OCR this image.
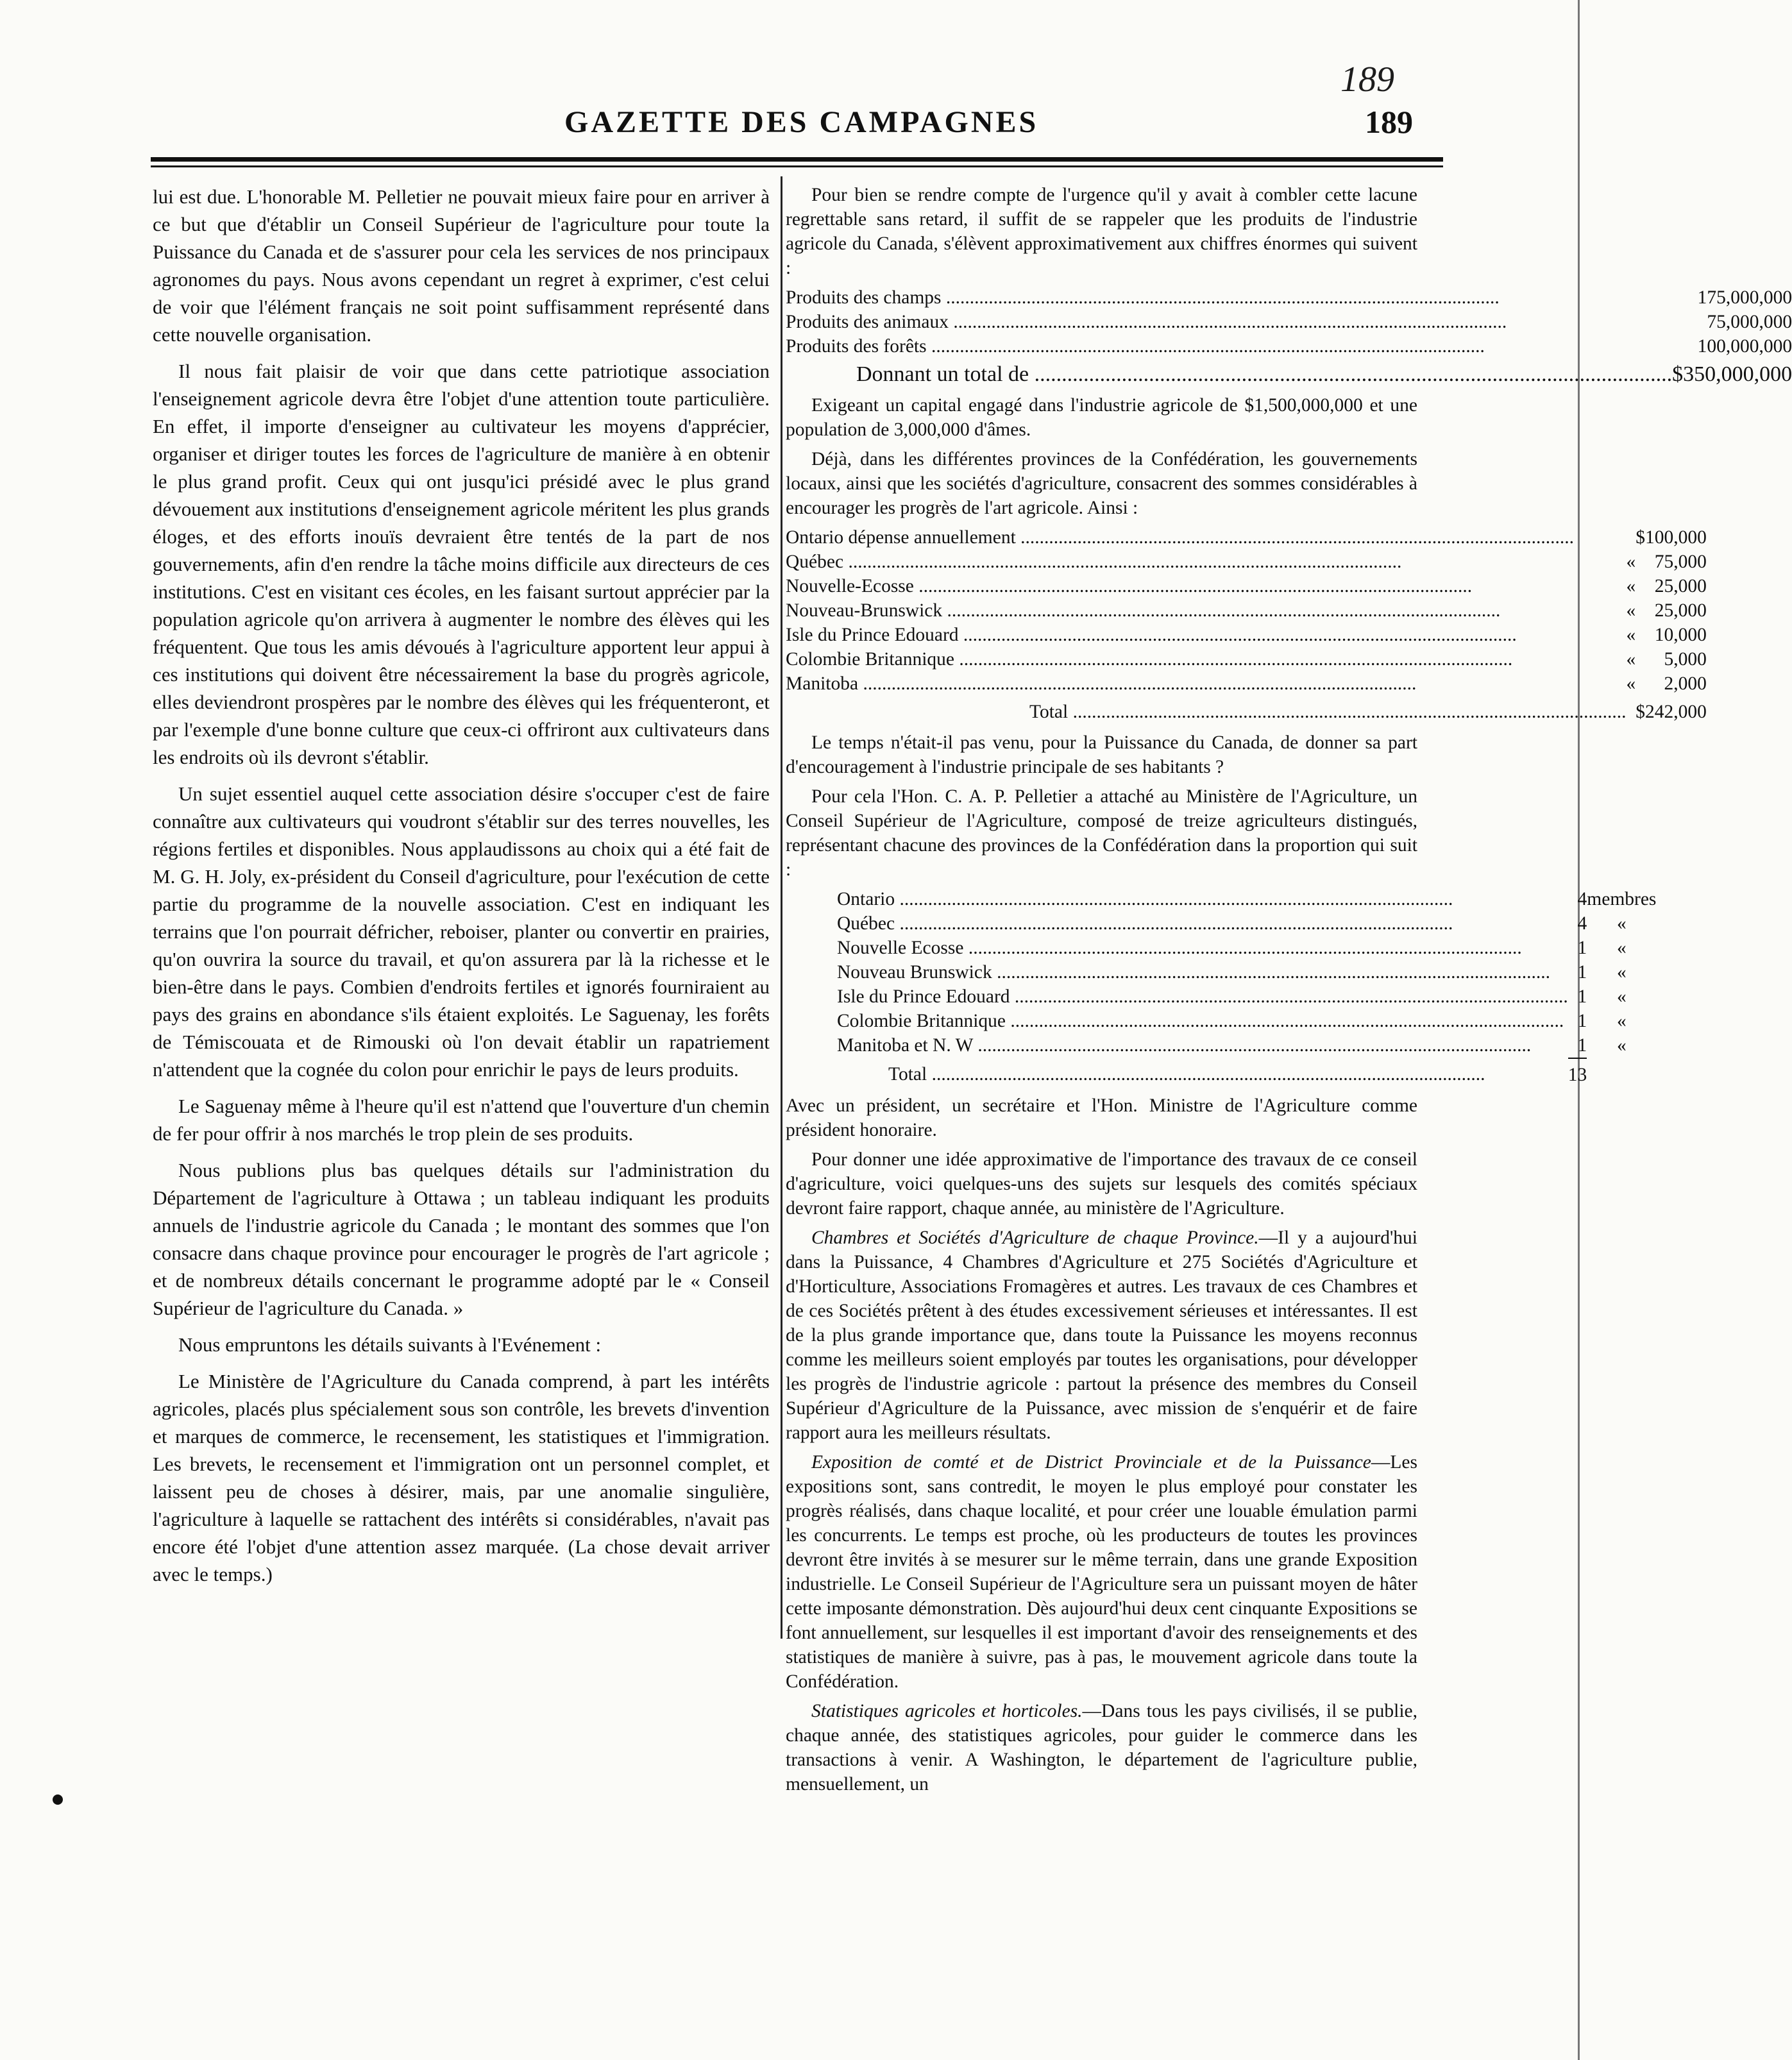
189
GAZETTE DES CAMPAGNES	189

lui est due. L'honorable M. Pelletier ne pouvait mieux faire pour en arriver à ce but que d'établir un Conseil Supérieur de l'agriculture pour toute la Puissance du Canada et de s'assurer pour cela les services de nos principaux agronomes du pays. Nous avons cependant un regret à exprimer, c'est celui de voir que l'élément français ne soit point suffisamment représenté dans cette nouvelle organisation.

Il nous fait plaisir de voir que dans cette patriotique association l'enseignement agricole devra être l'objet d'une attention toute particulière. En effet, il importe d'enseigner au cultivateur les moyens d'apprécier, organiser et diriger toutes les forces de l'agriculture de manière à en obtenir le plus grand profit. Ceux qui ont jusqu'ici présidé avec le plus grand dévouement aux institutions d'enseignement agricole méritent les plus grands éloges, et des efforts inouïs devraient être tentés de la part de nos gouvernements, afin d'en rendre la tâche moins difficile aux directeurs de ces institutions. C'est en visitant ces écoles, en les faisant surtout apprécier par la population agricole qu'on arrivera à augmenter le nombre des élèves qui les fréquentent. Que tous les amis dévoués à l'agriculture apportent leur appui à ces institutions qui doivent être nécessairement la base du progrès agricole, elles deviendront prospères par le nombre des élèves qui les fréquenteront, et par l'exemple d'une bonne culture que ceux-ci offriront aux cultivateurs dans les endroits où ils devront s'établir.

Un sujet essentiel auquel cette association désire s'occuper c'est de faire connaître aux cultivateurs qui voudront s'établir sur des terres nouvelles, les régions fertiles et disponibles. Nous applaudissons au choix qui a été fait de M. G. H. Joly, ex-président du Conseil d'agriculture, pour l'exécution de cette partie du programme de la nouvelle association. C'est en indiquant les terrains que l'on pourrait défricher, reboiser, planter ou convertir en prairies, qu'on ouvrira la source du travail, et qu'on assurera par là la richesse et le bien-être dans le pays. Combien d'endroits fertiles et ignorés fourniraient au pays des grains en abondance s'ils étaient exploités. Le Saguenay, les forêts de Témiscouata et de Rimouski où l'on devait établir un rapatriement n'attendent que la cognée du colon pour enrichir le pays de leurs produits.

Le Saguenay même à l'heure qu'il est n'attend que l'ouverture d'un chemin de fer pour offrir à nos marchés le trop plein de ses produits.

Nous publions plus bas quelques détails sur l'administration du Département de l'agriculture à Ottawa ; un tableau indiquant les produits annuels de l'industrie agricole du Canada ; le montant des sommes que l'on consacre dans chaque province pour encourager le progrès de l'art agricole ; et de nombreux détails concernant le programme adopté par le « Conseil Supérieur de l'agriculture du Canada. »

Nous empruntons les détails suivants à l'Evénement :

Le Ministère de l'Agriculture du Canada comprend, à part les intérêts agricoles, placés plus spécialement sous son contrôle, les brevets d'invention et marques de commerce, le recensement, les statistiques et l'immigration. Les brevets, le recensement et l'immigration ont un personnel complet, et laissent peu de choses à désirer, mais, par une anomalie singulière, l'agriculture à laquelle se rattachent des intérêts si considérables, n'avait pas encore été l'objet d'une attention assez marquée. (La chose devait arriver avec le temps.)

Pour bien se rendre compte de l'urgence qu'il y avait à combler cette lacune regrettable sans retard, il suffit de se rappeler que les produits de l'industrie agricole du Canada, s'élèvent approximativement aux chiffres énormes qui suivent :

Produits des champs .....	175,000,000
Produits des animaux .....	75,000,000
Produits des forêts .....	100,000,000
Donnant un total de .....	$350,000,000

Exigeant un capital engagé dans l'industrie agricole de $1,500,000,000 et une population de 3,000,000 d'âmes.

Déjà, dans les différentes provinces de la Confédération, les gouvernements locaux, ainsi que les sociétés d'agriculture, consacrent des sommes considérables à encourager les progrès de l'art agricole. Ainsi :

Ontario dépense annuellement .....		$100,000
Québec .....	«	75,000
Nouvelle-Ecosse .....	«	25,000
Nouveau-Brunswick .....	«	25,000
Isle du Prince Edouard .....	«	10,000
Colombie Britannique .....	«	5,000
Manitoba .....	«	2,000
Total .....		$242,000

Le temps n'était-il pas venu, pour la Puissance du Canada, de donner sa part d'encouragement à l'industrie principale de ses habitants ?

Pour cela l'Hon. C. A. P. Pelletier a attaché au Ministère de l'Agriculture, un Conseil Supérieur de l'Agriculture, composé de treize agriculteurs distingués, représentant chacune des provinces de la Confédération dans la proportion qui suit :

Ontario .....	4	membres
Québec .....	4	«
Nouvelle Ecosse .....	1	«
Nouveau Brunswick .....	1	«
Isle du Prince Edouard .....	1	«
Colombie Britannique .....	1	«
Manitoba et N. W .....	1	«
Total .....	13	

Avec un président, un secrétaire et l'Hon. Ministre de l'Agriculture comme président honoraire.

Pour donner une idée approximative de l'importance des travaux de ce conseil d'agriculture, voici quelques-uns des sujets sur lesquels des comités spéciaux devront faire rapport, chaque année, au ministère de l'Agriculture.

Chambres et Sociétés d'Agriculture de chaque Province.—Il y a aujourd'hui dans la Puissance, 4 Chambres d'Agriculture et 275 Sociétés d'Agriculture et d'Horticulture, Associations Fromagères et autres. Les travaux de ces Chambres et de ces Sociétés prêtent à des études excessivement sérieuses et intéressantes. Il est de la plus grande importance que, dans toute la Puissance les moyens reconnus comme les meilleurs soient employés par toutes les organisations, pour développer les progrès de l'industrie agricole : partout la présence des membres du Conseil Supérieur d'Agriculture de la Puissance, avec mission de s'enquérir et de faire rapport aura les meilleurs résultats.

Exposition de comté et de District Provinciale et de la Puissance—Les expositions sont, sans contredit, le moyen le plus employé pour constater les progrès réalisés, dans chaque localité, et pour créer une louable émulation parmi les concurrents. Le temps est proche, où les producteurs de toutes les provinces devront être invités à se mesurer sur le même terrain, dans une grande Exposition industrielle. Le Conseil Supérieur de l'Agriculture sera un puissant moyen de hâter cette imposante démonstration. Dès aujourd'hui deux cent cinquante Expositions se font annuellement, sur lesquelles il est important d'avoir des renseignements et des statistiques de manière à suivre, pas à pas, le mouvement agricole dans toute la Confédération.

Statistiques agricoles et horticoles.—Dans tous les pays civilisés, il se publie, chaque année, des statistiques agricoles, pour guider le commerce dans les transactions à venir. A Washington, le département de l'agriculture publie, mensuellement, un
